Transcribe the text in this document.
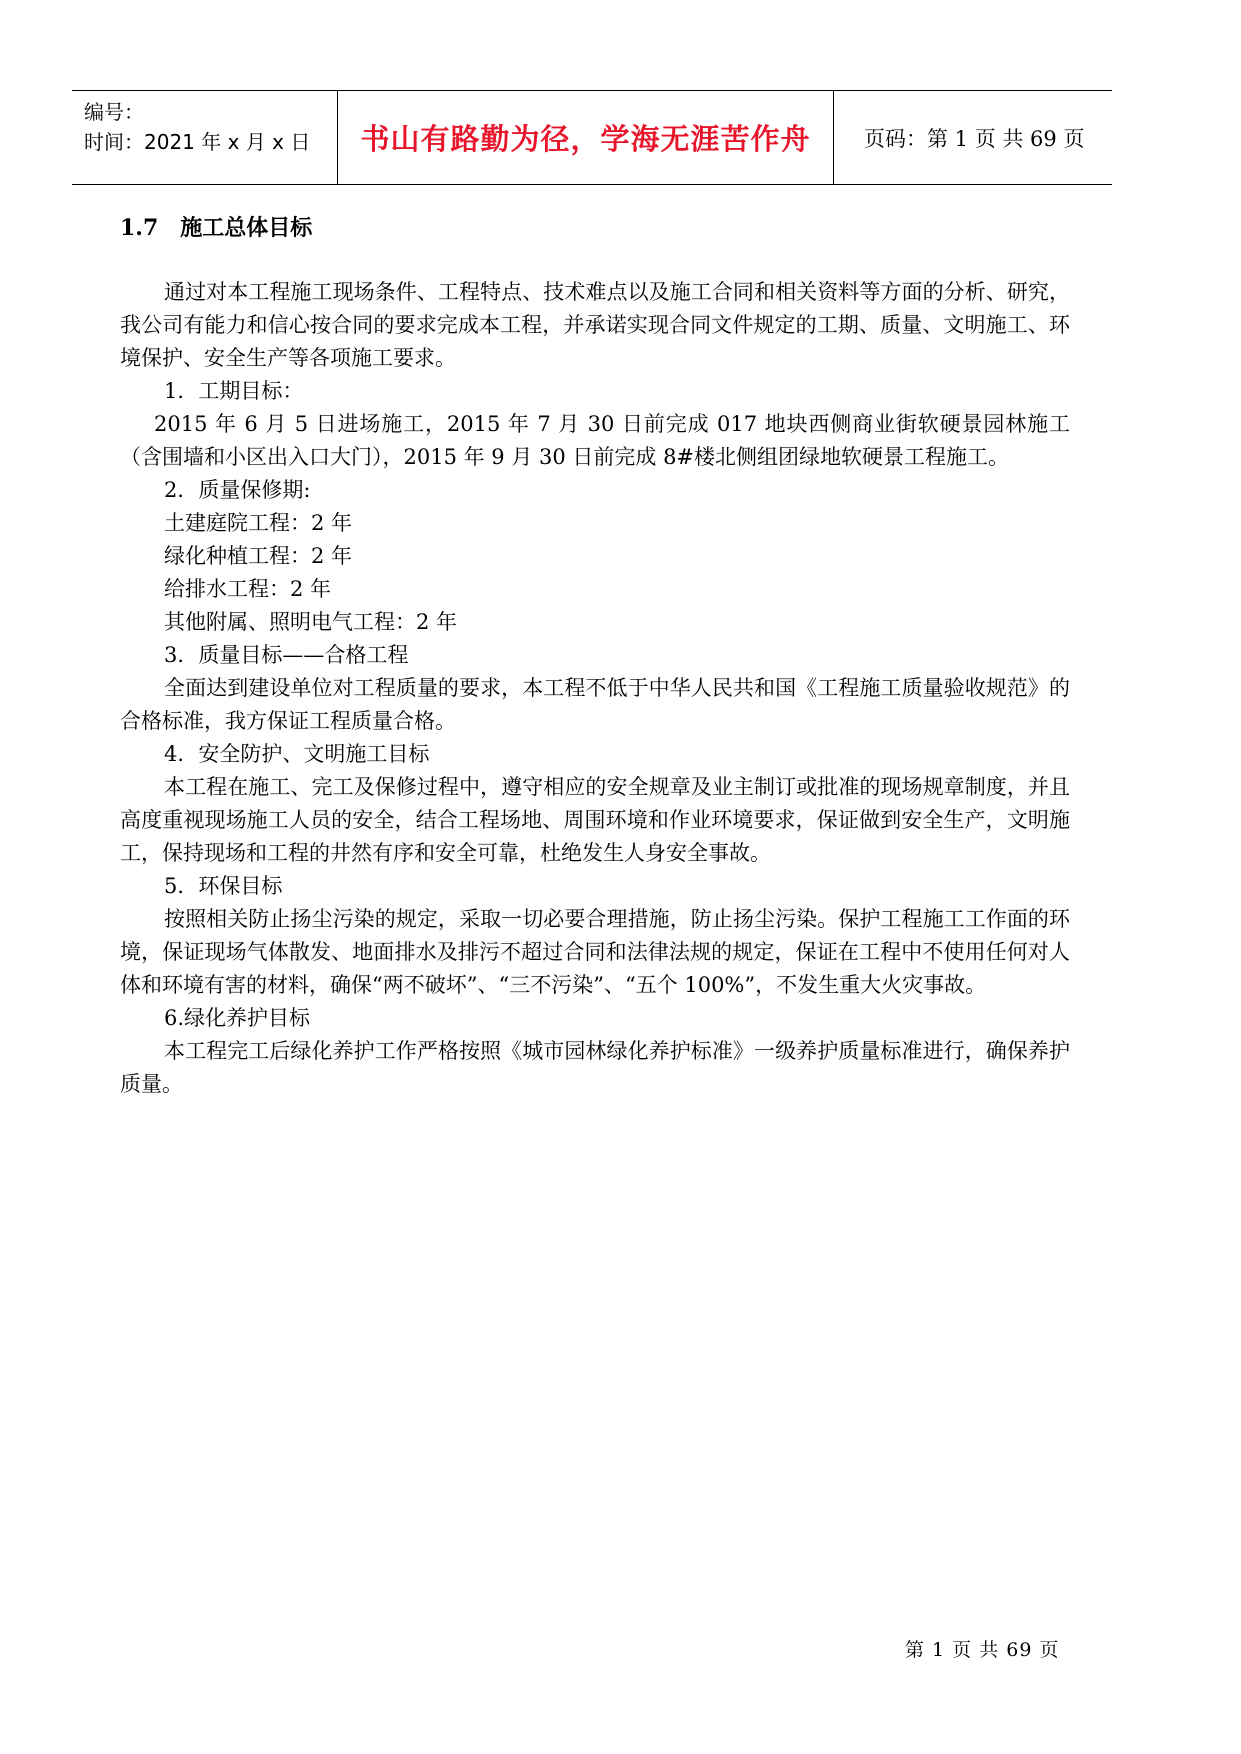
编号：
时间：2021 年 x 月 x 日	书山有路勤为径，学海无涯苦作舟	页码：第 1 页 共 69 页
1.7 施工总体目标

通过对本工程施工现场条件、工程特点、技术难点以及施工合同和相关资料等方面的分析、研究，我公司有能力和信心按合同的要求完成本工程，并承诺实现合同文件规定的工期、质量、文明施工、环境保护、安全生产等各项施工要求。

1．工期目标：

2015 年 6 月 5 日进场施工，2015 年 7 月 30 日前完成 017 地块西侧商业街软硬景园林施工（含围墙和小区出入口大门），2015 年 9 月 30 日前完成 8#楼北侧组团绿地软硬景工程施工。

2．质量保修期:

土建庭院工程：2 年

绿化种植工程：2 年

给排水工程：2 年

其他附属、照明电气工程：2 年

3．质量目标——合格工程

全面达到建设单位对工程质量的要求，本工程不低于中华人民共和国《工程施工质量验收规范》的合格标准，我方保证工程质量合格。

4．安全防护、文明施工目标

本工程在施工、完工及保修过程中，遵守相应的安全规章及业主制订或批准的现场规章制度，并且高度重视现场施工人员的安全，结合工程场地、周围环境和作业环境要求，保证做到安全生产，文明施工，保持现场和工程的井然有序和安全可靠，杜绝发生人身安全事故。

5．环保目标

按照相关防止扬尘污染的规定，采取一切必要合理措施，防止扬尘污染。保护工程施工工作面的环境，保证现场气体散发、地面排水及排污不超过合同和法律法规的规定，保证在工程中不使用任何对人体和环境有害的材料，确保“两不破坏”、“三不污染”、“五个 100%”，不发生重大火灾事故。

6.绿化养护目标

本工程完工后绿化养护工作严格按照《城市园林绿化养护标准》一级养护质量标准进行，确保养护质量。

第 1 页 共 69 页
